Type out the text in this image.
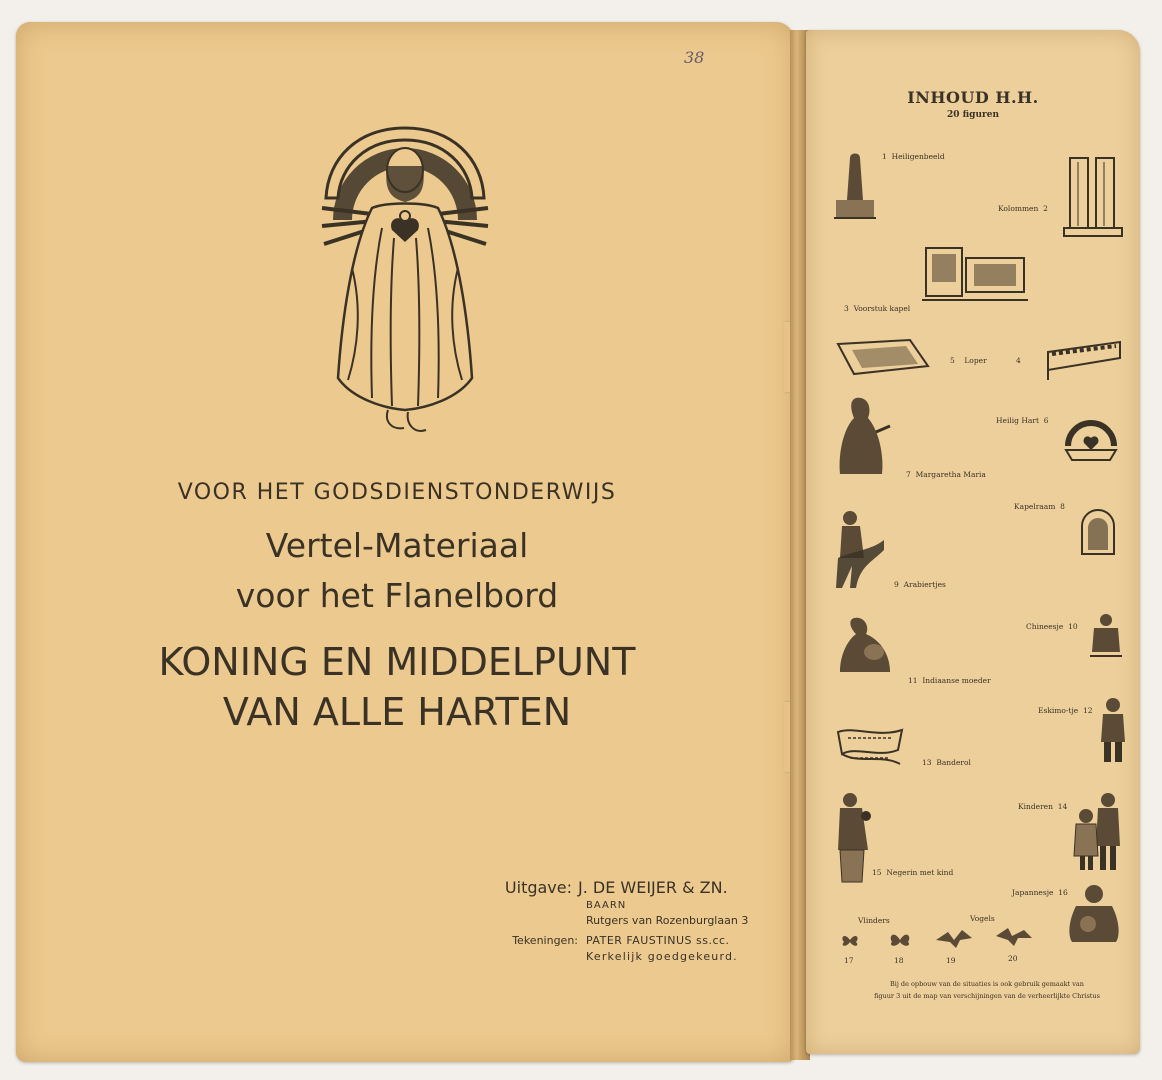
38
VOOR HET GODSDIENSTONDERWIJS
Vertel-Materiaal
voor het Flanelbord
KONING EN MIDDELPUNT
VAN ALLE HARTEN
Uitgave: J. DE WEIJER & ZN.
BAARN
Rutgers van Rozenburglaan 3
Tekeningen: PATER FAUSTINUS ss.cc.
Kerkelijk goedgekeurd.
INHOUD H.H.
20 figuren
1 Heiligenbeeld
Kolommen 2
3 Voorstuk kapel
5 Loper	4
Heilig Hart 6
7 Margaretha Maria
Kapelraam 8
9 Arabiertjes
Chineesje 10
11 Indiaanse moeder
Eskimo-tje 12
13 Banderol
Kinderen 14
15 Negerin met kind
Japannesje 16
Vlinders	Vogels
17	18	19	20
Bij de opbouw van de situaties is ook gebruik gemaakt van
figuur 3 uit de map van verschijningen van de verheerlijkte Christus
